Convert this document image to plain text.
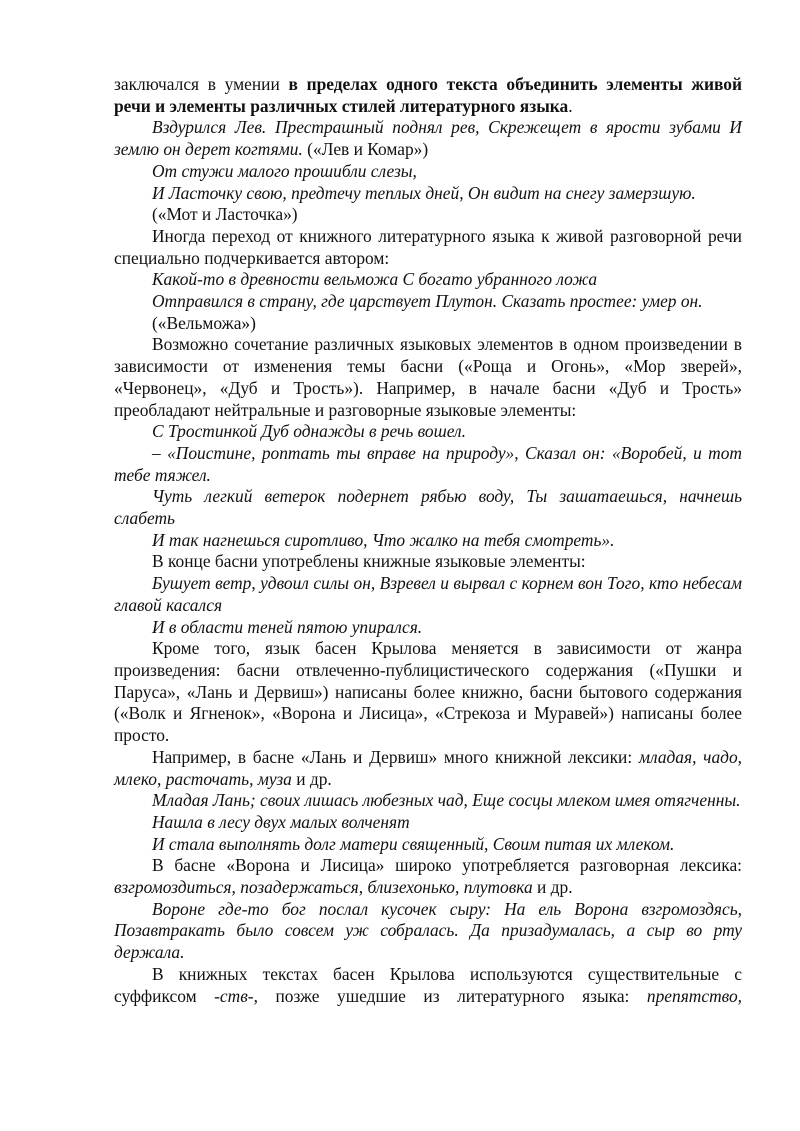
заключался в умении в пределах одного текста объединить элементы живой речи и элементы различных стилей литературного языка.

Вздурился Лев. Престрашный поднял рев, Скрежещет в ярости зубами И землю он дерет когтями. («Лев и Комар»)

От стужи малого прошибли слезы,

И Ласточку свою, предтечу теплых дней, Он видит на снегу замерзшую.

(«Мот и Ласточка»)

Иногда переход от книжного литературного языка к живой разговорной речи специально подчеркивается автором:

Какой-то в древности вельможа С богато убранного ложа

Отправился в страну, где царствует Плутон. Сказать простее: умер он.

(«Вельможа»)

Возможно сочетание различных языковых элементов в одном произведении в зависимости от изменения темы басни («Роща и Огонь», «Мор зверей», «Червонец», «Дуб и Трость»). Например, в начале басни «Дуб и Трость» преобладают нейтральные и разговорные языковые элементы:

С Тростинкой Дуб однажды в речь вошел.

– «Поистине, роптать ты вправе на природу», Сказал он: «Воробей, и тот тебе тяжел.

Чуть легкий ветерок подернет рябью воду, Ты зашатаешься, начнешь слабеть

И так нагнешься сиротливо, Что жалко на тебя смотреть».

В конце басни употреблены книжные языковые элементы:

Бушует ветр, удвоил силы он, Взревел и вырвал с корнем вон Того, кто небесам главой касался

И в области теней пятою упирался.

Кроме того, язык басен Крылова меняется в зависимости от жанра произведения: басни отвлеченно-публицистического содержания («Пушки и Паруса», «Лань и Дервиш») написаны более книжно, басни бытового содержания («Волк и Ягненок», «Ворона и Лисица», «Стрекоза и Муравей») написаны более просто.

Например, в басне «Лань и Дервиш» много книжной лексики: младая, чадо, млеко, расточать, муза и др.

Младая Лань; своих лишась любезных чад, Еще сосцы млеком имея отягченны.

Нашла в лесу двух малых волченят

И стала выполнять долг матери священный, Своим питая их млеком.

В басне «Ворона и Лисица» широко употребляется разговорная лексика: взгромоздиться, позадержаться, близехонько, плутовка и др.

Вороне где-то бог послал кусочек сыру: На ель Ворона взгромоздясь, Позавтракать было совсем уж собралась. Да призадумалась, а сыр во рту держала.

В книжных текстах басен Крылова используются существительные с суффиксом -ств-, позже ушедшие из литературного языка: препятство,
